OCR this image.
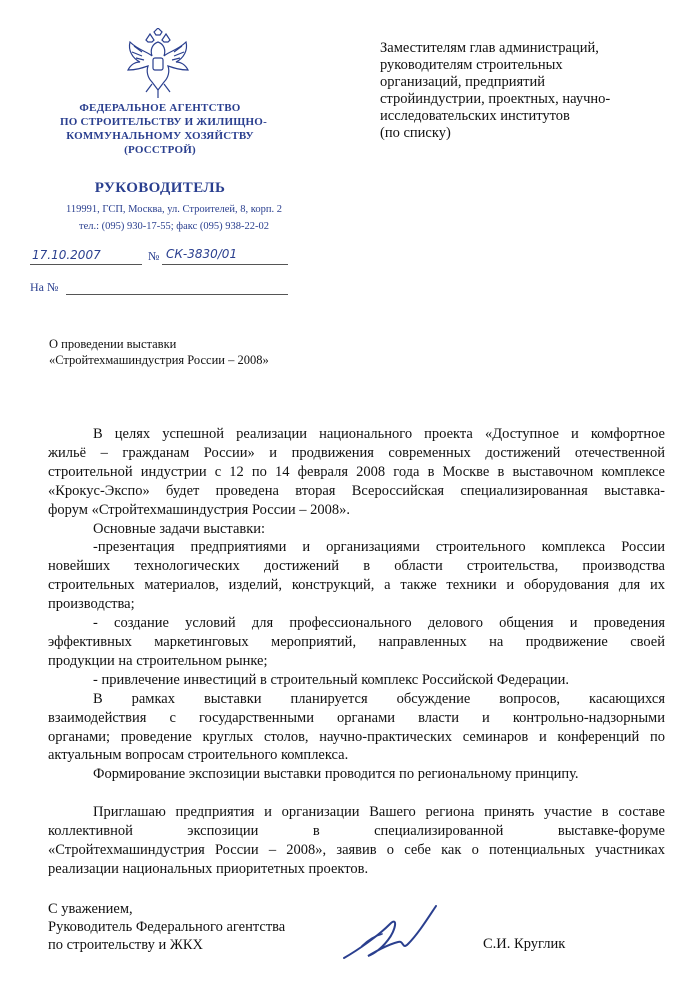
ФЕДЕРАЛЬНОЕ АГЕНТСТВО
ПО СТРОИТЕЛЬСТВУ И ЖИЛИЩНО-
КОММУНАЛЬНОМУ ХОЗЯЙСТВУ
(РОССТРОЙ)
РУКОВОДИТЕЛЬ
119991, ГСП, Москва, ул. Строителей, 8, корп. 2
тел.: (095) 930-17-55; факс (095) 938-22-02
17.10.2007	№ СК-3830/01
На №
Заместителям глав администраций,
руководителям строительных
организаций, предприятий
стройиндустрии, проектных, научно-
исследовательских институтов
(по списку)
О проведении выставки
«Стройтехмашиндустрия России – 2008»

В целях успешной реализации национального проекта «Доступное и комфортное

жильё – гражданам России» и продвижения современных достижений отечественной

строительной индустрии с 12 по 14 февраля 2008 года в Москве в выставочном комплексе

«Крокус-Экспо» будет проведена вторая Всероссийская специализированная выставка-

форум «Стройтехмашиндустрия России – 2008».

Основные задачи выставки:

-презентация предприятиями и организациями строительного комплекса России

новейших технологических достижений в области строительства, производства

строительных материалов, изделий, конструкций, а также техники и оборудования для их

производства;

- создание условий для профессионального делового общения и проведения

эффективных маркетинговых мероприятий, направленных на продвижение своей

продукции на строительном рынке;

- привлечение инвестиций в строительный комплекс Российской Федерации.

В рамках выставки планируется обсуждение вопросов, касающихся

взаимодействия с государственными органами власти и контрольно-надзорными

органами; проведение круглых столов, научно-практических семинаров и конференций по

актуальным вопросам строительного комплекса.

Формирование экспозиции выставки проводится по региональному принципу.

Приглашаю предприятия и организации Вашего региона принять участие в составе

коллективной экспозиции в специализированной выставке-форуме

«Стройтехмашиндустрия России – 2008», заявив о себе как о потенциальных участниках

реализации национальных приоритетных проектов.

С уважением,
Руководитель Федерального агентства
по строительству и ЖКХ	С.И. Круглик
